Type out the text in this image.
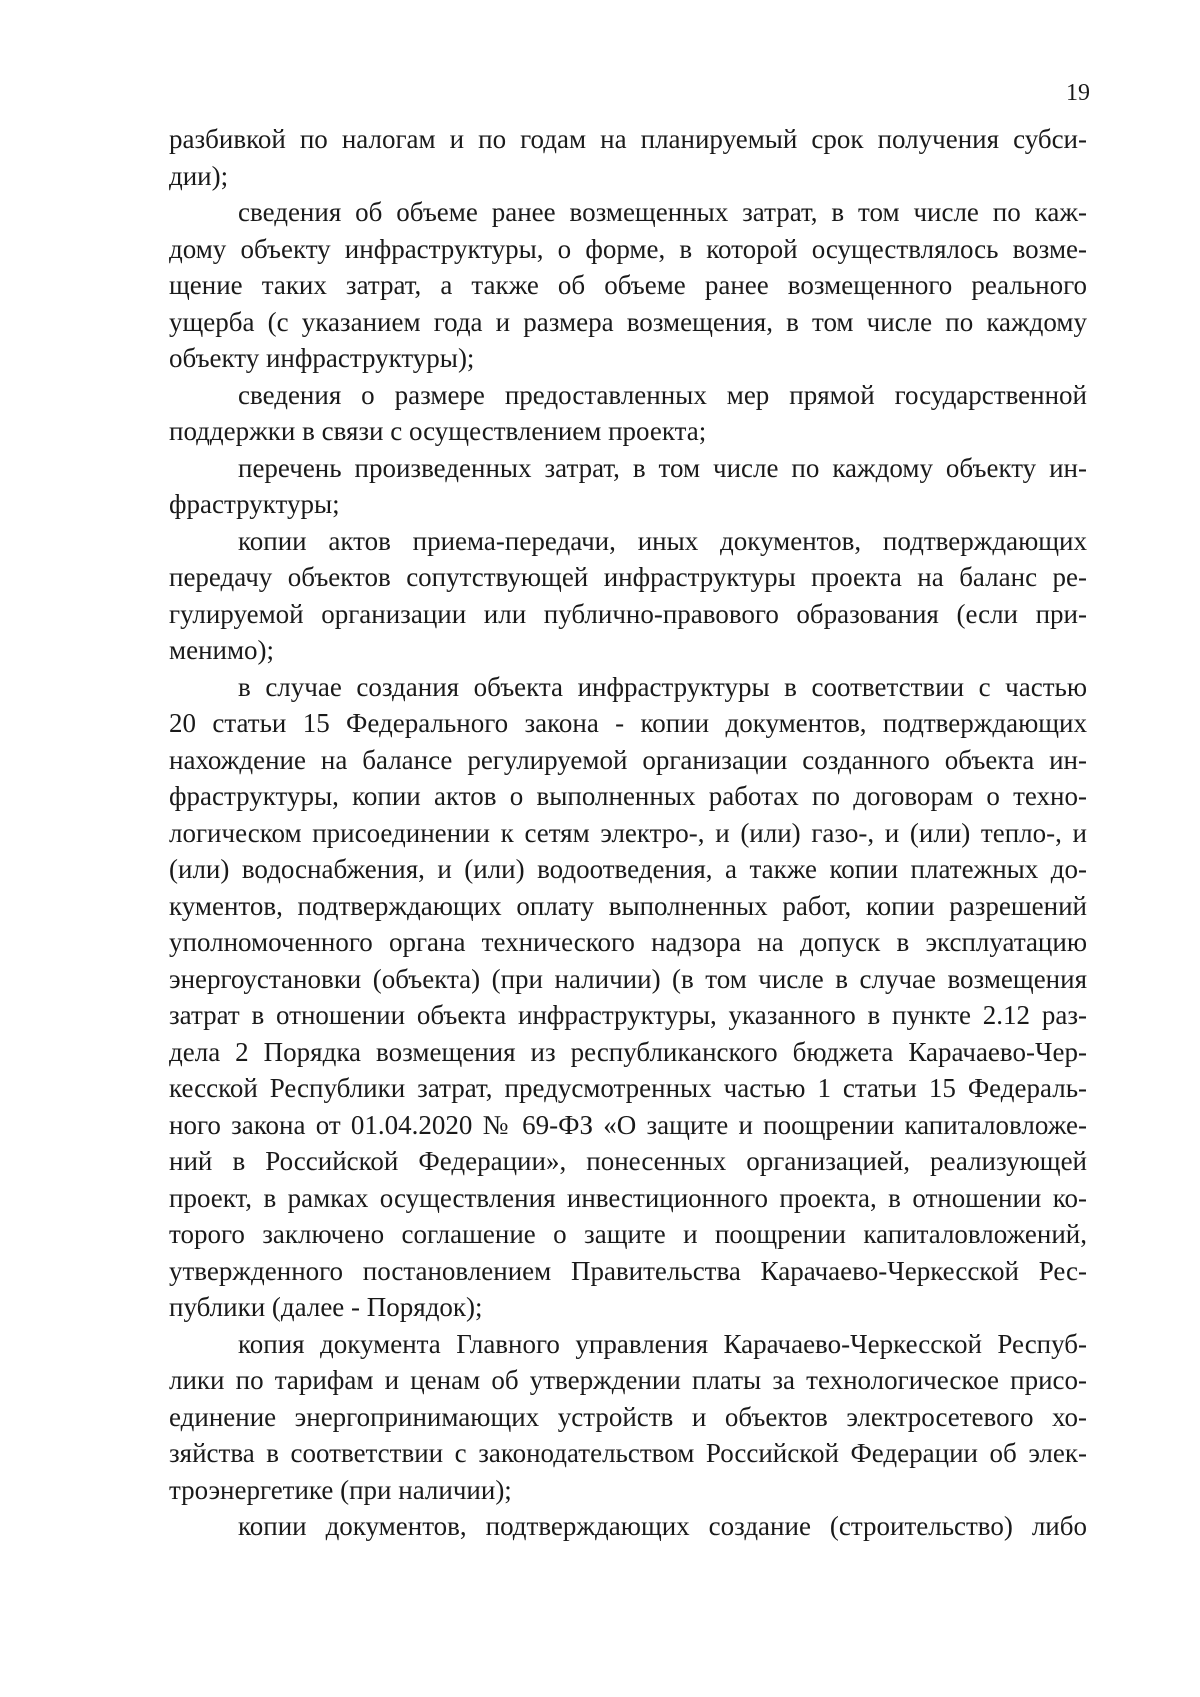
19
разбивкой по налогам и по годам на планируемый срок получения субси-
дии);
сведения об объеме ранее возмещенных затрат, в том числе по каж-
дому объекту инфраструктуры, о форме, в которой осуществлялось возме-
щение таких затрат, а также об объеме ранее возмещенного реального
ущерба (с указанием года и размера возмещения, в том числе по каждому
объекту инфраструктуры);
сведения о размере предоставленных мер прямой государственной
поддержки в связи с осуществлением проекта;
перечень произведенных затрат, в том числе по каждому объекту ин-
фраструктуры;
копии актов приема-передачи, иных документов, подтверждающих
передачу объектов сопутствующей инфраструктуры проекта на баланс ре-
гулируемой организации или публично-правового образования (если при-
менимо);
в случае создания объекта инфраструктуры в соответствии с частью
20 статьи 15 Федерального закона - копии документов, подтверждающих
нахождение на балансе регулируемой организации созданного объекта ин-
фраструктуры, копии актов о выполненных работах по договорам о техно-
логическом присоединении к сетям электро-, и (или) газо-, и (или) тепло-, и
(или) водоснабжения, и (или) водоотведения, а также копии платежных до-
кументов, подтверждающих оплату выполненных работ, копии разрешений
уполномоченного органа технического надзора на допуск в эксплуатацию
энергоустановки (объекта) (при наличии) (в том числе в случае возмещения
затрат в отношении объекта инфраструктуры, указанного в пункте 2.12 раз-
дела 2 Порядка возмещения из республиканского бюджета Карачаево-Чер-
кесской Республики затрат, предусмотренных частью 1 статьи 15 Федераль-
ного закона от 01.04.2020 № 69-ФЗ «О защите и поощрении капиталовложе-
ний в Российской Федерации», понесенных организацией, реализующей
проект, в рамках осуществления инвестиционного проекта, в отношении ко-
торого заключено соглашение о защите и поощрении капиталовложений,
утвержденного постановлением Правительства Карачаево-Черкесской Рес-
публики (далее - Порядок);
копия документа Главного управления Карачаево-Черкесской Респуб-
лики по тарифам и ценам об утверждении платы за технологическое присо-
единение энергопринимающих устройств и объектов электросетевого хо-
зяйства в соответствии с законодательством Российской Федерации об элек-
троэнергетике (при наличии);
копии документов, подтверждающих создание (строительство) либо
